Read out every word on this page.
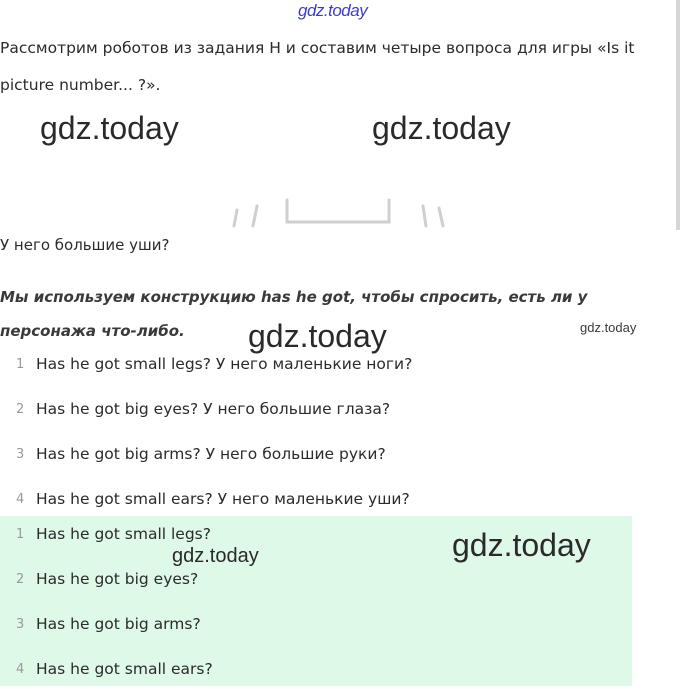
gdz.today

Рассмотрим роботов из задания H и составим четыре вопроса для игры «Is it picture number... ?».

gdz.today	gdz.today
У него большие уши?

Мы используем конструкцию has he got, чтобы спросить, есть ли у персонажа что-либо.	gdz.today	gdz.today
1 Has he got small legs? У него маленькие ноги?
2 Has he got big eyes? У него большие глаза?
3 Has he got big arms? У него большие руки?
4 Has he got small ears? У него маленькие уши?
1 Has he got small legs?
2 Has he got big eyes?
3 Has he got big arms?
4 Has he got small ears?
gdz.today	gdz.today
